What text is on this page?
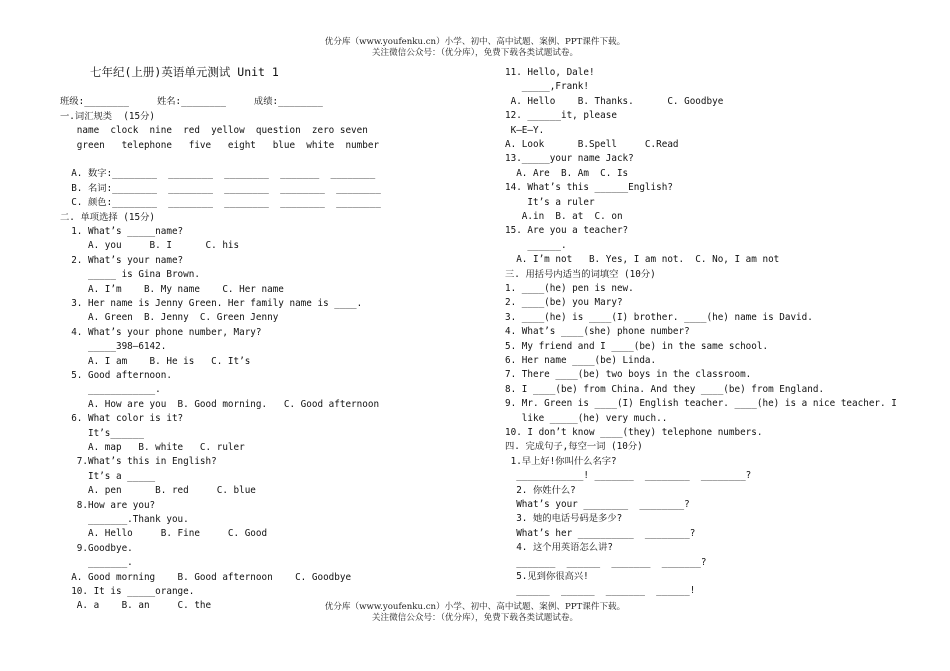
优分库（www.youfenku.cn）小学、初中、高中试题、案例、PPT课件下载。
关注微信公众号：（优分库），免费下载各类试题试卷。
七年纪(上册)英语单元测试 Unit 1
班级:________     姓名:________     成绩:________
一.词汇规类  (15分)
name  clock  nine  red  yellow  question  zero seven
green   telephone   five   eight   blue  white  number
A. 数字:________  ________  ________  _______  ________
B. 名词:________  ________  ________  ________  ________
C. 颜色:________  ________  ________  ________  ________
二. 单项选择 (15分)
1. What’s _____name?
A. you     B. I      C. his
2. What’s your name?
_____ is Gina Brown.
A. I’m    B. My name    C. Her name
3. Her name is Jenny Green. Her family name is ____.
A. Green  B. Jenny  C. Green Jenny
4. What’s your phone number, Mary?
_____398—6142.
A. I am    B. He is   C. It’s
5. Good afternoon.
____________.
A. How are you  B. Good morning.   C. Good afternoon
6. What color is it?
It’s______
A. map   B. white   C. ruler
7.What’s this in English?
It’s a _____
A. pen      B. red     C. blue
8.How are you?
_______.Thank you.
A. Hello     B. Fine     C. Good
9.Goodbye.
_______.
A. Good morning    B. Good afternoon    C. Goodbye
10. It is _____orange.
A. a    B. an     C. the
11. Hello, Dale!
_____,Frank!
A. Hello    B. Thanks.      C. Goodbye
12. ______it, please
K—E—Y.
A. Look      B.Spell     C.Read
13._____your name Jack?
A. Are  B. Am  C. Is
14. What’s this ______English?
It’s a ruler
A.in  B. at  C. on
15. Are you a teacher?
______.
A. I’m not   B. Yes, I am not.  C. No, I am not
三. 用括号内适当的词填空 (10分)
1. ____(he) pen is new.
2. ____(be) you Mary?
3. ____(he) is ____(I) brother. ____(he) name is David.
4. What’s ____(she) phone number?
5. My friend and I ____(be) in the same school.
6. Her name ____(be) Linda.
7. There ____(be) two boys in the classroom.
8. I ____(be) from China. And they ____(be) from England.
9. Mr. Green is ____(I) English teacher. ____(he) is a nice teacher. I
like _____(he) very much..
10. I don’t know ____(they) telephone numbers.
四. 完成句子,每空一词 (10分)
1.早上好!你叫什么名字?
____________! _______  ________  ________?
2. 你姓什么?
What’s your ________  ________?
3. 她的电话号码是多少?
What’s her __________  ________?
4. 这个用英语怎么讲?
_______  ______  _______  _______?
5.见到你很高兴!
______  ______  _______  ______!
优分库（www.youfenku.cn）小学、初中、高中试题、案例、PPT课件下载。
关注微信公众号：（优分库），免费下载各类试题试卷。
